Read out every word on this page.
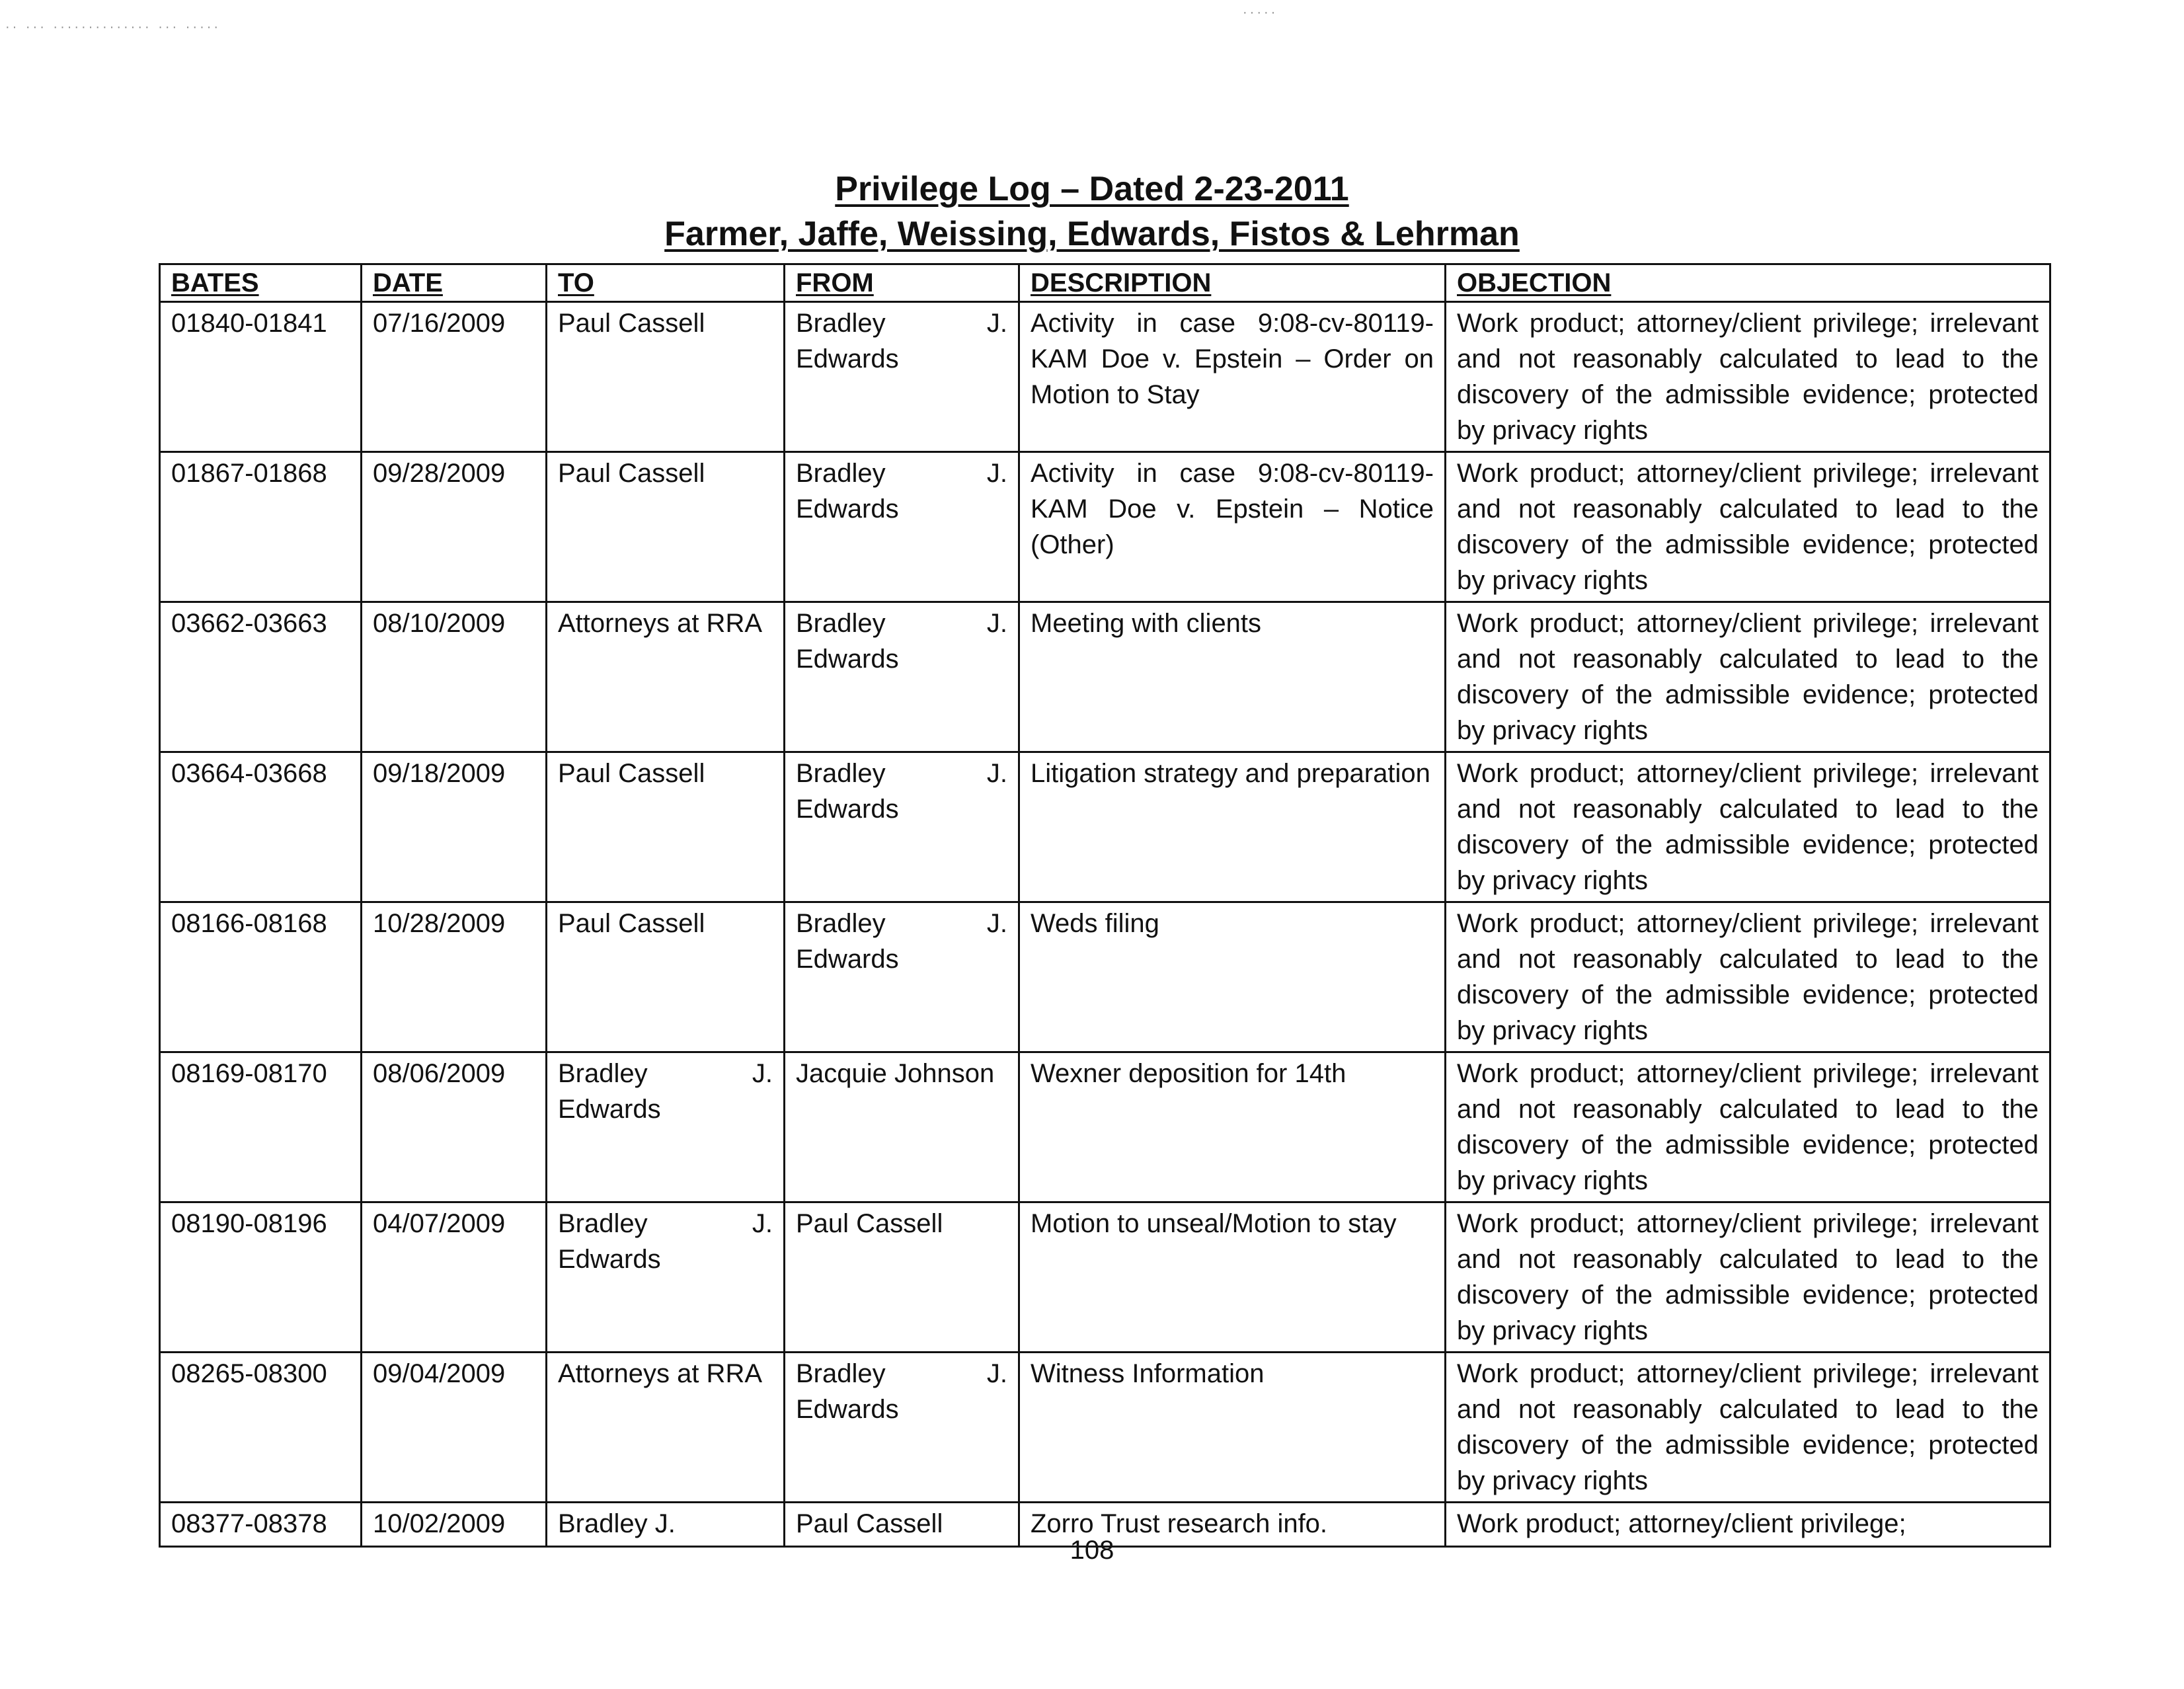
·· ··· ·············· ··· ·····
·····
Privilege Log – Dated 2-23-2011
Farmer, Jaffe, Weissing, Edwards, Fistos & Lehrman
BATES	DATE	TO	FROM	DESCRIPTION	OBJECTION
01840-01841	07/16/2009	Paul Cassell	Bradley J. Edwards	Activity in case 9:08-cv-80119-KAM Doe v. Epstein – Order on Motion to Stay	Work product; attorney/client privilege; irrelevant and not reasonably calculated to lead to the discovery of the admissible evidence; protected by privacy rights
01867-01868	09/28/2009	Paul Cassell	Bradley J. Edwards	Activity in case 9:08-cv-80119-KAM Doe v. Epstein – Notice (Other)	Work product; attorney/client privilege; irrelevant and not reasonably calculated to lead to the discovery of the admissible evidence; protected by privacy rights
03662-03663	08/10/2009	Attorneys at RRA	Bradley J. Edwards	Meeting with clients	Work product; attorney/client privilege; irrelevant and not reasonably calculated to lead to the discovery of the admissible evidence; protected by privacy rights
03664-03668	09/18/2009	Paul Cassell	Bradley J. Edwards	Litigation strategy and preparation	Work product; attorney/client privilege; irrelevant and not reasonably calculated to lead to the discovery of the admissible evidence; protected by privacy rights
08166-08168	10/28/2009	Paul Cassell	Bradley J. Edwards	Weds filing	Work product; attorney/client privilege; irrelevant and not reasonably calculated to lead to the discovery of the admissible evidence; protected by privacy rights
08169-08170	08/06/2009	Bradley J. Edwards	Jacquie Johnson	Wexner deposition for 14th	Work product; attorney/client privilege; irrelevant and not reasonably calculated to lead to the discovery of the admissible evidence; protected by privacy rights
08190-08196	04/07/2009	Bradley J. Edwards	Paul Cassell	Motion to unseal/Motion to stay	Work product; attorney/client privilege; irrelevant and not reasonably calculated to lead to the discovery of the admissible evidence; protected by privacy rights
08265-08300	09/04/2009	Attorneys at RRA	Bradley J. Edwards	Witness Information	Work product; attorney/client privilege; irrelevant and not reasonably calculated to lead to the discovery of the admissible evidence; protected by privacy rights
08377-08378	10/02/2009	Bradley J.	Paul Cassell	Zorro Trust research info.	Work product; attorney/client privilege;
108
